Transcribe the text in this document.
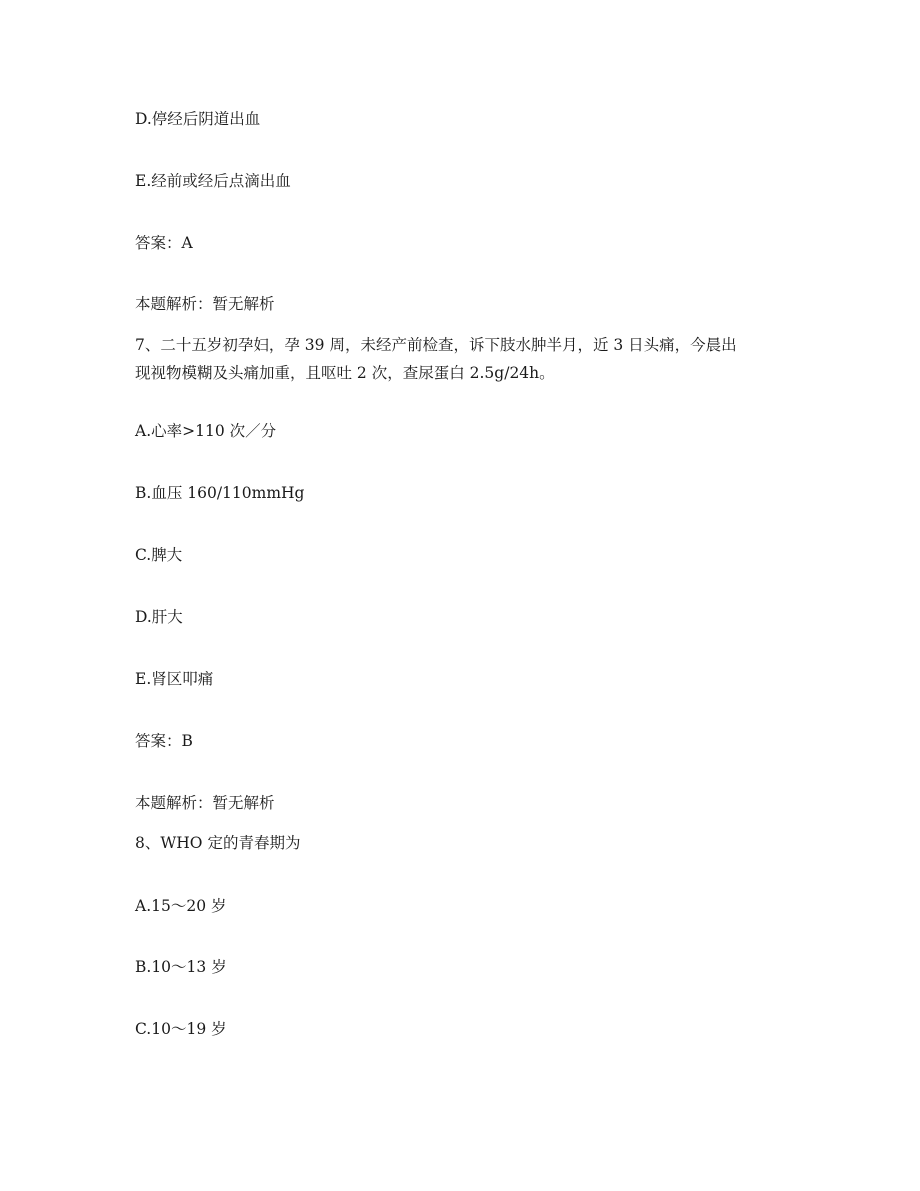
D.停经后阴道出血
E.经前或经后点滴出血
答案：A
本题解析：暂无解析
7、二十五岁初孕妇，孕 39 周，未经产前检查，诉下肢水肿半月，近 3 日头痛，今晨出
现视物模糊及头痛加重，且呕吐 2 次，查尿蛋白 2.5g/24h。
A.心率>110 次／分
B.血压 160/110mmHg
C.脾大
D.肝大
E.肾区叩痛
答案：B
本题解析：暂无解析
8、WHO 定的青春期为
A.15～20 岁
B.10～13 岁
C.10～19 岁
